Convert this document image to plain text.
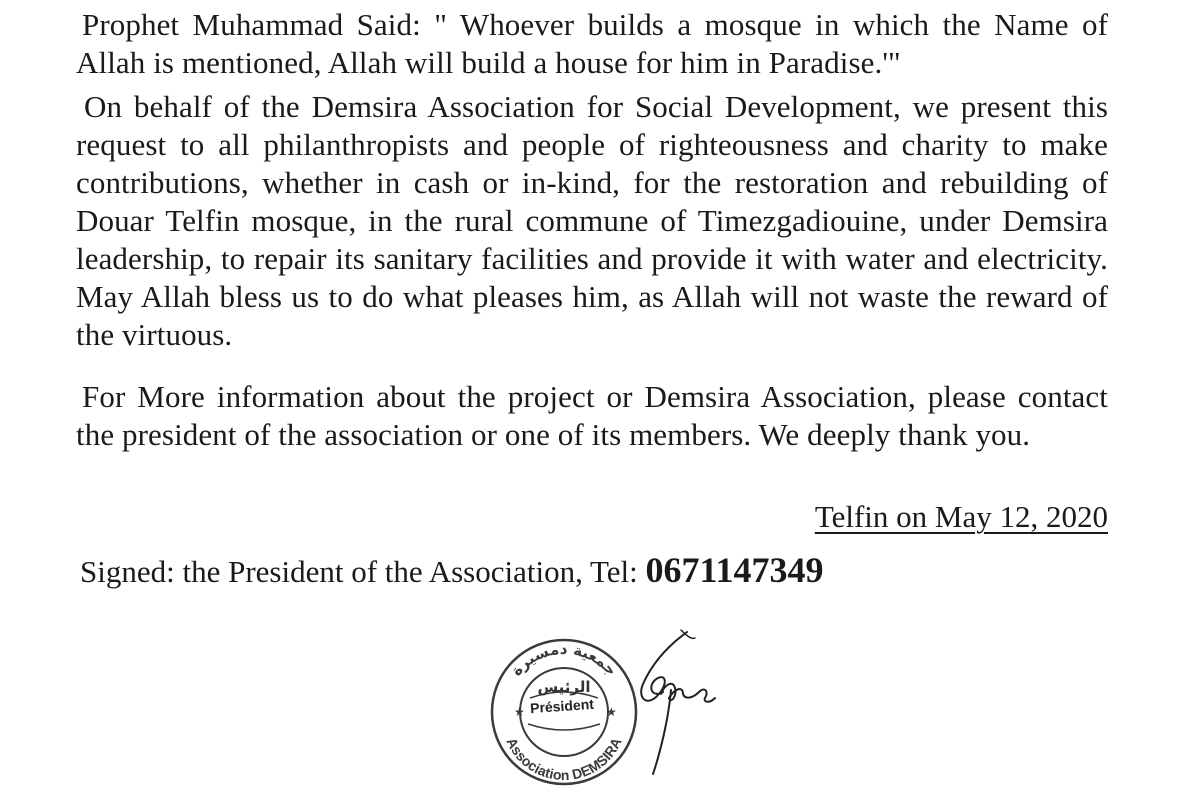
Prophet Muhammad Said: " Whoever builds a mosque in which the Name of Allah is mentioned, Allah will build a house for him in Paradise.'"

On behalf of the Demsira Association for Social Development, we present this request to all philanthropists and people of righteousness and charity to make contributions, whether in cash or in-kind, for the restoration and rebuilding of Douar Telfin mosque, in the rural commune of Timezgadiouine, under Demsira leadership, to repair its sanitary facilities and provide it with water and electricity. May Allah bless us to do what pleases him, as Allah will not waste the reward of the virtuous.

For More information about the project or Demsira Association, please contact the president of the association or one of its members. We deeply thank you.

Telfin on May 12, 2020
Signed: the President of the Association, Tel: 0671147349
جمعية دمسيرة
Association DEMSIRA
★	★
الرئيس
Président
